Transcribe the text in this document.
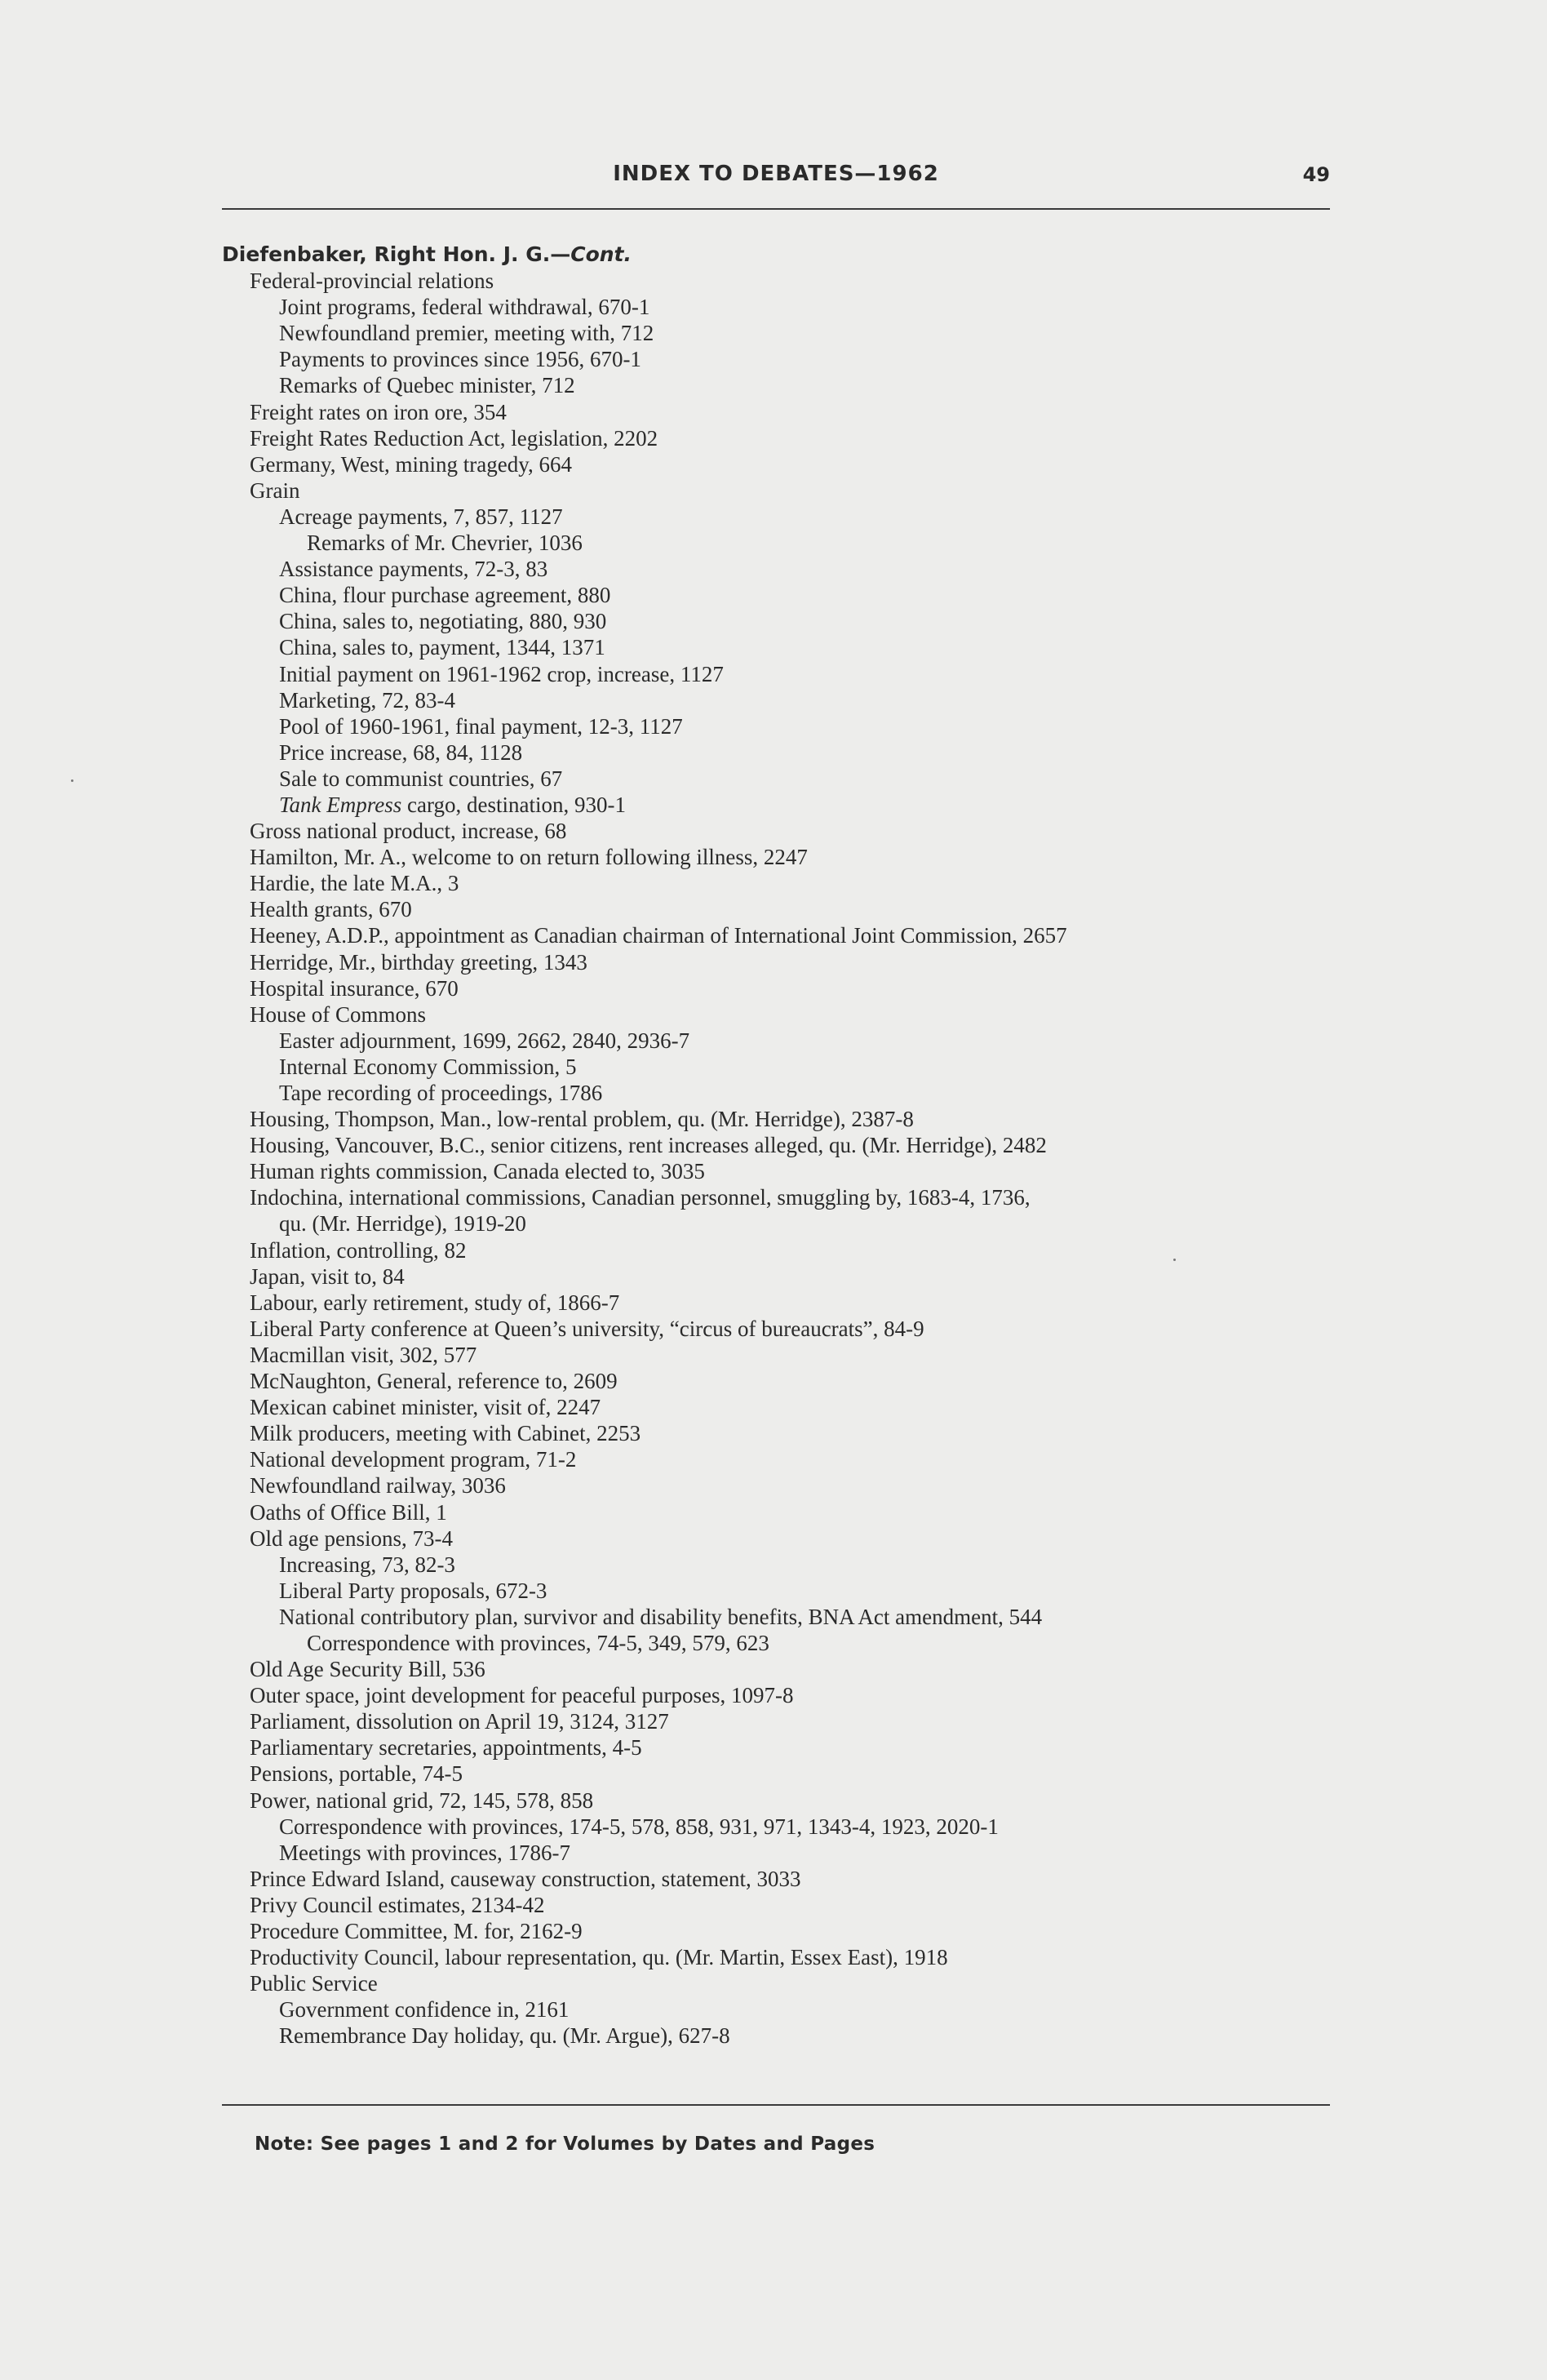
INDEX TO DEBATES—1962	49
Diefenbaker, Right Hon. J. G.—Cont.
Federal-provincial relations
Joint programs, federal withdrawal, 670-1
Newfoundland premier, meeting with, 712
Payments to provinces since 1956, 670-1
Remarks of Quebec minister, 712
Freight rates on iron ore, 354
Freight Rates Reduction Act, legislation, 2202
Germany, West, mining tragedy, 664
Grain
Acreage payments, 7, 857, 1127
Remarks of Mr. Chevrier, 1036
Assistance payments, 72-3, 83
China, flour purchase agreement, 880
China, sales to, negotiating, 880, 930
China, sales to, payment, 1344, 1371
Initial payment on 1961-1962 crop, increase, 1127
Marketing, 72, 83-4
Pool of 1960-1961, final payment, 12-3, 1127
Price increase, 68, 84, 1128
Sale to communist countries, 67
Tank Empress cargo, destination, 930-1
Gross national product, increase, 68
Hamilton, Mr. A., welcome to on return following illness, 2247
Hardie, the late M.A., 3
Health grants, 670
Heeney, A.D.P., appointment as Canadian chairman of International Joint Commission, 2657
Herridge, Mr., birthday greeting, 1343
Hospital insurance, 670
House of Commons
Easter adjournment, 1699, 2662, 2840, 2936-7
Internal Economy Commission, 5
Tape recording of proceedings, 1786
Housing, Thompson, Man., low-rental problem, qu. (Mr. Herridge), 2387-8
Housing, Vancouver, B.C., senior citizens, rent increases alleged, qu. (Mr. Herridge), 2482
Human rights commission, Canada elected to, 3035
Indochina, international commissions, Canadian personnel, smuggling by, 1683-4, 1736,
qu. (Mr. Herridge), 1919-20
Inflation, controlling, 82
Japan, visit to, 84
Labour, early retirement, study of, 1866-7
Liberal Party conference at Queen’s university, “circus of bureaucrats”, 84-9
Macmillan visit, 302, 577
McNaughton, General, reference to, 2609
Mexican cabinet minister, visit of, 2247
Milk producers, meeting with Cabinet, 2253
National development program, 71-2
Newfoundland railway, 3036
Oaths of Office Bill, 1
Old age pensions, 73-4
Increasing, 73, 82-3
Liberal Party proposals, 672-3
National contributory plan, survivor and disability benefits, BNA Act amendment, 544
Correspondence with provinces, 74-5, 349, 579, 623
Old Age Security Bill, 536
Outer space, joint development for peaceful purposes, 1097-8
Parliament, dissolution on April 19, 3124, 3127
Parliamentary secretaries, appointments, 4-5
Pensions, portable, 74-5
Power, national grid, 72, 145, 578, 858
Correspondence with provinces, 174-5, 578, 858, 931, 971, 1343-4, 1923, 2020-1
Meetings with provinces, 1786-7
Prince Edward Island, causeway construction, statement, 3033
Privy Council estimates, 2134-42
Procedure Committee, M. for, 2162-9
Productivity Council, labour representation, qu. (Mr. Martin, Essex East), 1918
Public Service
Government confidence in, 2161
Remembrance Day holiday, qu. (Mr. Argue), 627-8
Note: See pages 1 and 2 for Volumes by Dates and Pages
